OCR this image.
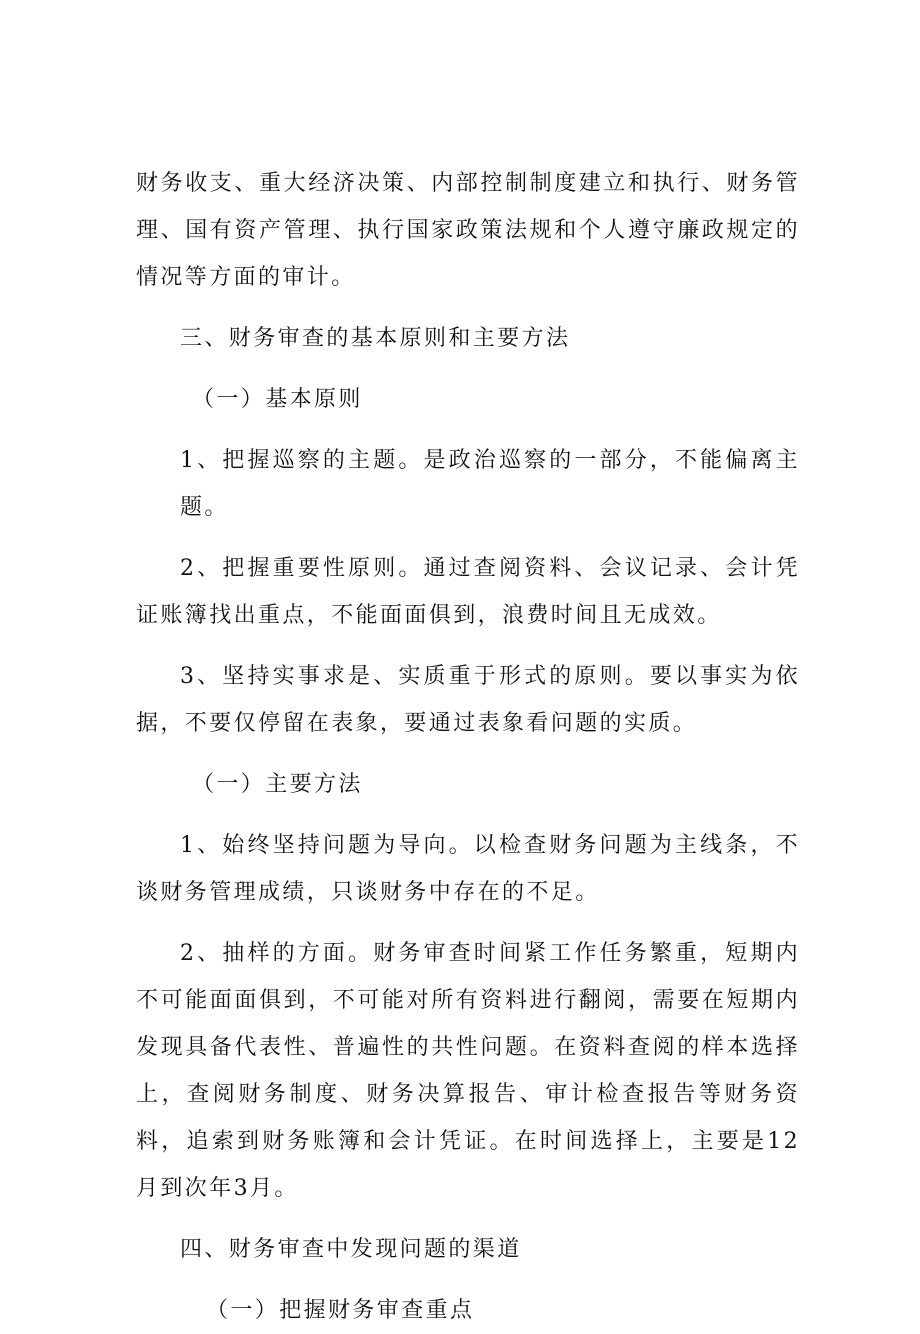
财务收支、重大经济决策、内部控制制度建立和执行、财务管理、国有资产管理、执行国家政策法规和个人遵守廉政规定的情况等方面的审计。

三、财务审查的基本原则和主要方法

（一）基本原则

1、把握巡察的主题。是政治巡察的一部分，不能偏离主题。

2、把握重要性原则。通过查阅资料、会议记录、会计凭证账簿找出重点，不能面面俱到，浪费时间且无成效。

3、坚持实事求是、实质重于形式的原则。要以事实为依据，不要仅停留在表象，要通过表象看问题的实质。

（一）主要方法

1、始终坚持问题为导向。以检查财务问题为主线条，不谈财务管理成绩，只谈财务中存在的不足。

2、抽样的方面。财务审查时间紧工作任务繁重，短期内不可能面面俱到，不可能对所有资料进行翻阅，需要在短期内发现具备代表性、普遍性的共性问题。在资料查阅的样本选择上，查阅财务制度、财务决算报告、审计检查报告等财务资料，追索到财务账簿和会计凭证。在时间选择上，主要是12月到次年3月。

四、财务审查中发现问题的渠道

（一）把握财务审查重点
